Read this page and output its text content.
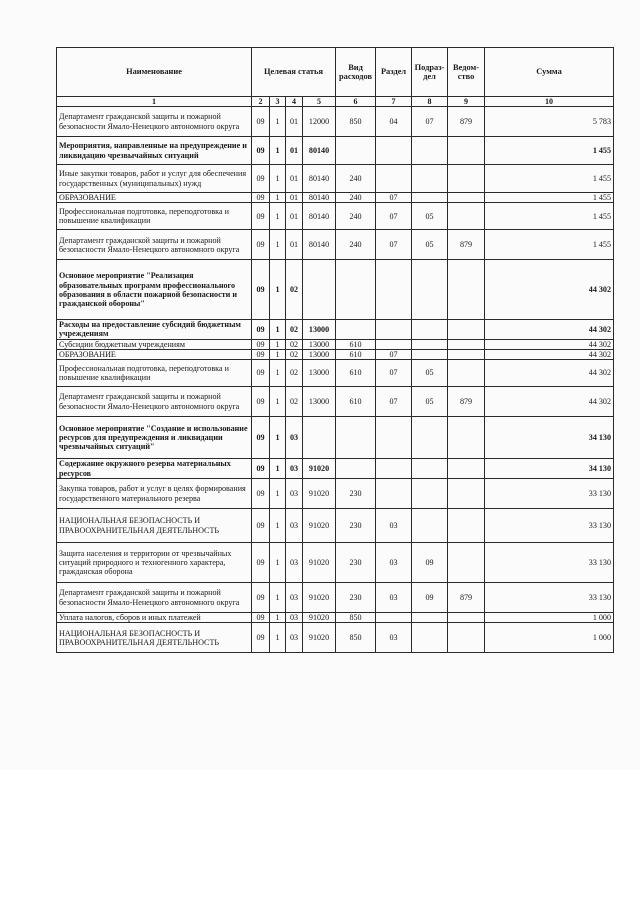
Наименование	Целевая статья				Вид расходов	Раздел	Подраз-дел	Ведом-ство	Сумма
1	2	3	4	5	6	7	8	9	10
Департамент гражданской защиты и пожарной безопасности Ямало-Ненецкого автономного округа	09	1	01	12000	850	04	07	879	5 783
Мероприятия, направленные на предупреждение и ликвидацию чрезвычайных ситуаций	09	1	01	80140					1 455
Иные закупки товаров, работ и услуг для обеспечения государственных (муниципальных) нужд	09	1	01	80140	240				1 455
ОБРАЗОВАНИЕ	09	1	01	80140	240	07			1 455
Профессиональная подготовка, переподготовка и повышение квалификации	09	1	01	80140	240	07	05		1 455
Департамент гражданской защиты и пожарной безопасности Ямало-Ненецкого автономного округа	09	1	01	80140	240	07	05	879	1 455
Основное мероприятие "Реализация образовательных программ профессионального образования в области пожарной безопасности и гражданской обороны"	09	1	02						44 302
Расходы на предоставление субсидий бюджетным учреждениям	09	1	02	13000					44 302
Субсидии бюджетным учреждениям	09	1	02	13000	610				44 302
ОБРАЗОВАНИЕ	09	1	02	13000	610	07			44 302
Профессиональная подготовка, переподготовка и повышение квалификации	09	1	02	13000	610	07	05		44 302
Департамент гражданской защиты и пожарной безопасности Ямало-Ненецкого автономного округа	09	1	02	13000	610	07	05	879	44 302
Основное мероприятие "Создание и использование ресурсов для предупреждения и ликвидации чрезвычайных ситуаций"	09	1	03						34 130
Содержание окружного резерва материальных ресурсов	09	1	03	91020					34 130
Закупка товаров, работ и услуг в целях формирования государственного материального резерва	09	1	03	91020	230				33 130
НАЦИОНАЛЬНАЯ БЕЗОПАСНОСТЬ И ПРАВООХРАНИТЕЛЬНАЯ ДЕЯТЕЛЬНОСТЬ	09	1	03	91020	230	03			33 130
Защита населения и территории от чрезвычайных ситуаций природного и техногенного характера, гражданская оборона	09	1	03	91020	230	03	09		33 130
Департамент гражданской защиты и пожарной безопасности Ямало-Ненецкого автономного округа	09	1	03	91020	230	03	09	879	33 130
Уплата налогов, сборов и иных платежей	09	1	03	91020	850				1 000
НАЦИОНАЛЬНАЯ БЕЗОПАСНОСТЬ И ПРАВООХРАНИТЕЛЬНАЯ ДЕЯТЕЛЬНОСТЬ	09	1	03	91020	850	03			1 000
